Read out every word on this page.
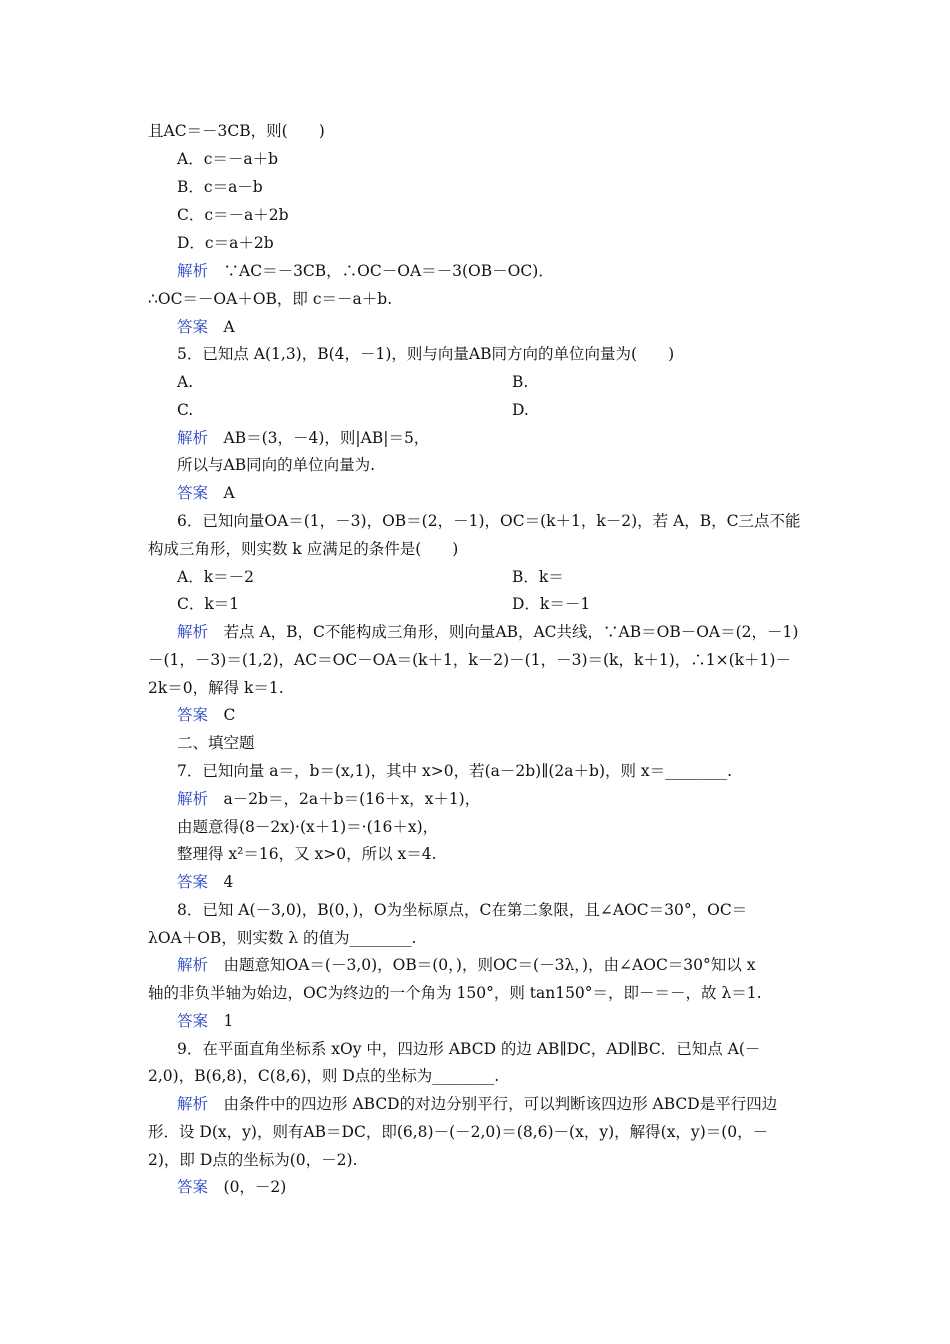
且AC＝－3CB，则(　　)
A．c＝－a＋b
B．c＝a－b
C．c＝－a＋2b
D．c＝a＋2b
解析　∵AC＝－3CB，∴OC－OA＝－3(OB－OC)．
∴OC＝－OA＋OB，即 c＝－a＋b.
答案　A
5．已知点 A(1,3)，B(4，－1)，则与向量AB同方向的单位向量为(　　)
A.	B.
C.	D.
解析　AB＝(3，－4)，则|AB|＝5，
所以与AB同向的单位向量为.
答案　A
6．已知向量OA＝(1，－3)，OB＝(2，－1)，OC＝(k＋1，k－2)，若 A，B，C三点不能
构成三角形，则实数 k 应满足的条件是(　　)
A．k＝－2	B．k＝
C．k＝1	D．k＝－1
解析　若点 A，B，C不能构成三角形，则向量AB，AC共线，∵AB＝OB－OA＝(2，－1)
－(1，－3)＝(1,2)，AC＝OC－OA＝(k＋1，k－2)－(1，－3)＝(k，k＋1)，∴1×(k＋1)－
2k＝0，解得 k＝1.
答案　C
二、填空题
7．已知向量 a＝，b＝(x,1)，其中 x>0，若(a－2b)∥(2a＋b)，则 x＝________.
解析　a－2b＝，2a＋b＝(16＋x，x＋1)，
由题意得(8－2x)·(x＋1)＝·(16＋x)，
整理得 x²＝16，又 x>0，所以 x＝4.
答案　4
8．已知 A(－3,0)，B(0，)，O为坐标原点，C在第二象限，且∠AOC＝30°，OC＝
λOA＋OB，则实数 λ 的值为________.
解析　由题意知OA＝(－3,0)，OB＝(0，)，则OC＝(－3λ，)，由∠AOC＝30°知以 x
轴的非负半轴为始边，OC为终边的一个角为 150°，则 tan150°＝，即－＝－，故 λ＝1.
答案　1
9．在平面直角坐标系 xOy 中，四边形 ABCD 的边 AB∥DC，AD∥BC．已知点 A(－
2,0)，B(6,8)，C(8,6)，则 D点的坐标为________.
解析　由条件中的四边形 ABCD的对边分别平行，可以判断该四边形 ABCD是平行四边
形．设 D(x，y)，则有AB＝DC，即(6,8)－(－2,0)＝(8,6)－(x，y)，解得(x，y)＝(0，－
2)，即 D点的坐标为(0，－2).
答案　(0，－2)
